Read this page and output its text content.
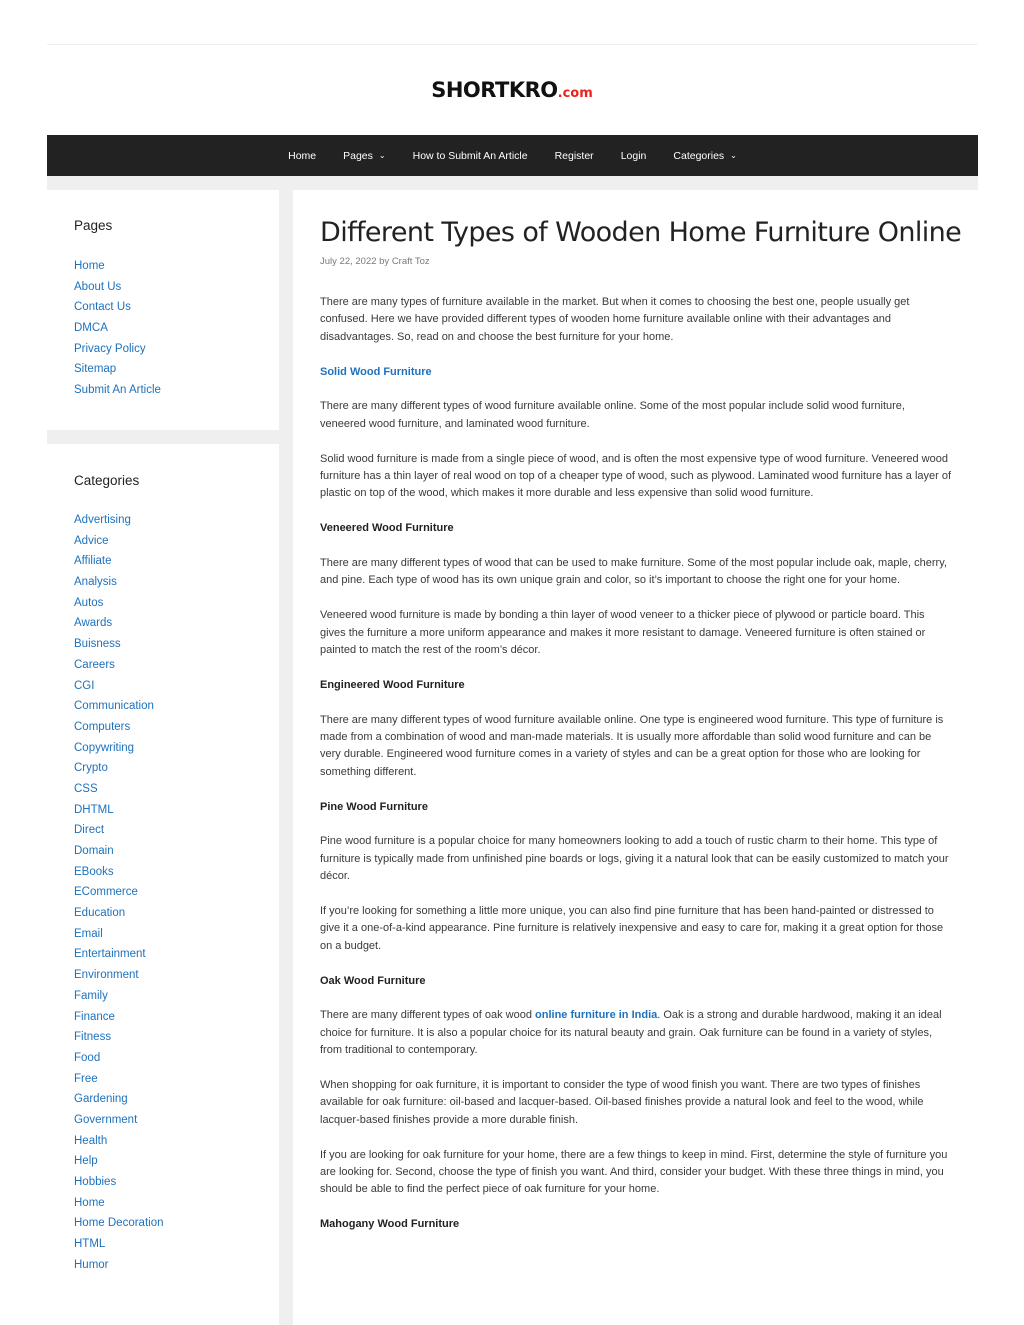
SHORTKRO.com
Home	Pages ⌄	How to Submit An Article	Register	Login	Categories ⌄
Pages
Home
About Us
Contact Us
DMCA
Privacy Policy
Sitemap
Submit An Article
Categories
Advertising
Advice
Affiliate
Analysis
Autos
Awards
Buisness
Careers
CGI
Communication
Computers
Copywriting
Crypto
CSS
DHTML
Direct
Domain
EBooks
ECommerce
Education
Email
Entertainment
Environment
Family
Finance
Fitness
Food
Free
Gardening
Government
Health
Help
Hobbies
Home
Home Decoration
HTML
Humor
Different Types of Wooden Home Furniture Online
July 22, 2022 by Craft Toz

There are many types of furniture available in the market. But when it comes to choosing the best one, people usually get confused. Here we have provided different types of wooden home furniture available online with their advantages and disadvantages. So, read on and choose the best furniture for your home.

Solid Wood Furniture

There are many different types of wood furniture available online. Some of the most popular include solid wood furniture, veneered wood furniture, and laminated wood furniture.

Solid wood furniture is made from a single piece of wood, and is often the most expensive type of wood furniture. Veneered wood furniture has a thin layer of real wood on top of a cheaper type of wood, such as plywood. Laminated wood furniture has a layer of plastic on top of the wood, which makes it more durable and less expensive than solid wood furniture.

Veneered Wood Furniture

There are many different types of wood that can be used to make furniture. Some of the most popular include oak, maple, cherry, and pine. Each type of wood has its own unique grain and color, so it’s important to choose the right one for your home.

Veneered wood furniture is made by bonding a thin layer of wood veneer to a thicker piece of plywood or particle board. This gives the furniture a more uniform appearance and makes it more resistant to damage. Veneered furniture is often stained or painted to match the rest of the room’s décor.

Engineered Wood Furniture

There are many different types of wood furniture available online. One type is engineered wood furniture. This type of furniture is made from a combination of wood and man-made materials. It is usually more affordable than solid wood furniture and can be very durable. Engineered wood furniture comes in a variety of styles and can be a great option for those who are looking for something different.

Pine Wood Furniture

Pine wood furniture is a popular choice for many homeowners looking to add a touch of rustic charm to their home. This type of furniture is typically made from unfinished pine boards or logs, giving it a natural look that can be easily customized to match your décor.

If you’re looking for something a little more unique, you can also find pine furniture that has been hand-painted or distressed to give it a one-of-a-kind appearance. Pine furniture is relatively inexpensive and easy to care for, making it a great option for those on a budget.

Oak Wood Furniture

There are many different types of oak wood online furniture in India. Oak is a strong and durable hardwood, making it an ideal choice for furniture. It is also a popular choice for its natural beauty and grain. Oak furniture can be found in a variety of styles, from traditional to contemporary.

When shopping for oak furniture, it is important to consider the type of wood finish you want. There are two types of finishes available for oak furniture: oil-based and lacquer-based. Oil-based finishes provide a natural look and feel to the wood, while lacquer-based finishes provide a more durable finish.

If you are looking for oak furniture for your home, there are a few things to keep in mind. First, determine the style of furniture you are looking for. Second, choose the type of finish you want. And third, consider your budget. With these three things in mind, you should be able to find the perfect piece of oak furniture for your home.

Mahogany Wood Furniture
